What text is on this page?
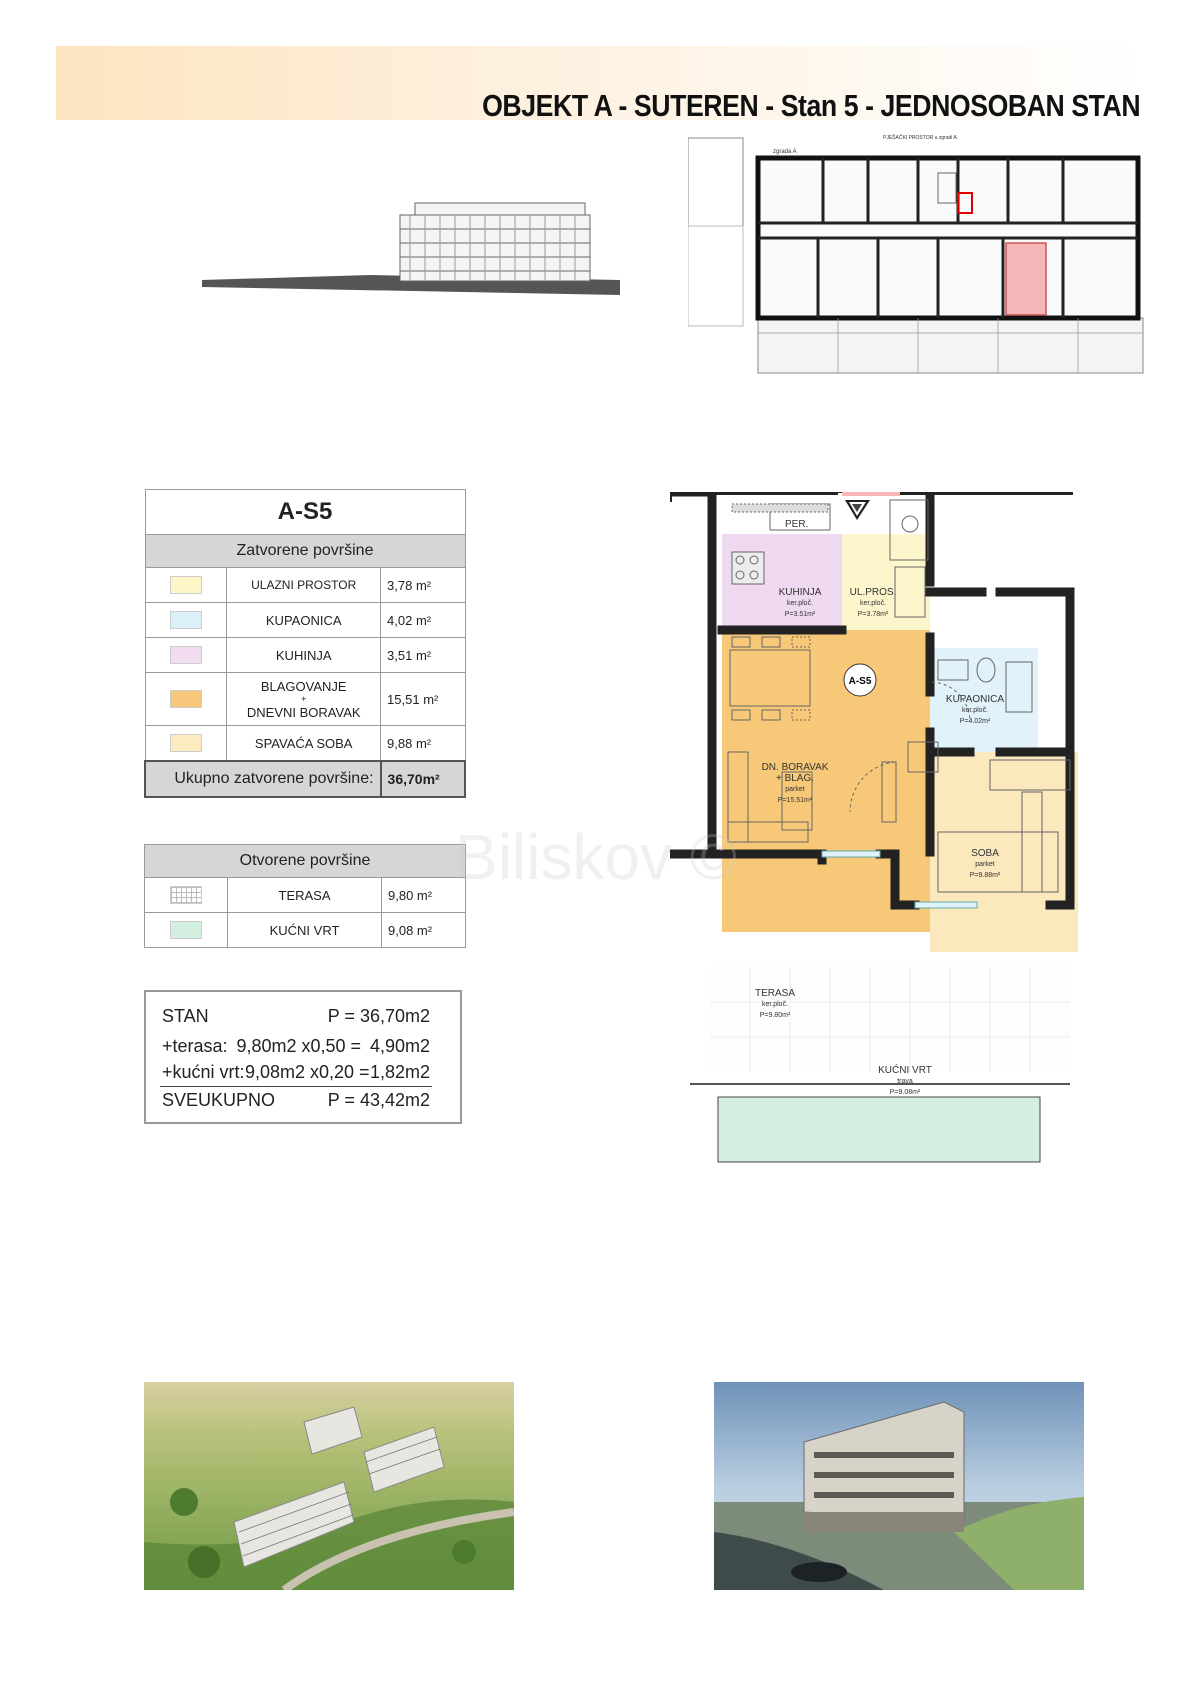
OBJEKT A - SUTEREN - Stan 5 - JEDNOSOBAN STAN
zgrada A
PJEŠAČKI PROSTOR u zgradi A
A-S5		
Zatvorene površine		
	ULAZNI PROSTOR	3,78 m²
	KUPAONICA	4,02 m²
	KUHINJA	3,51 m²

	BLAGOVANJE
+
DNEVNI BORAVAK	15,51 m²
	SPAVAĆA SOBA	9,88 m²
Ukupno zatvorene površine:		36,70m²
Otvorene površine		
	TERASA	9,80 m²
	KUĆNI VRT	9,08 m²
STAN	P = 36,70m2
+terasa: 9,80m2 x0,50 = 4,90m2
+kućni vrt: 9,08m2 x0,20 = 1,82m2
SVEUKUPNO	P = 43,42m2
A-S5
PER.
KUHINJA
ker.ploč.
P=3.51m²
UL.PROS.
ker.ploč.
P=3.78m²
KUPAONICA
ker.ploč.
P=4.02m²
DN. BORAVAK
+ BLAG.
parket
P=15.51m²
SOBA
parket
P=9.88m²
TERASA
ker.ploč.
P=9.80m²
KUĆNI VRT
trava
P=9.08m²
Biliskov ©
